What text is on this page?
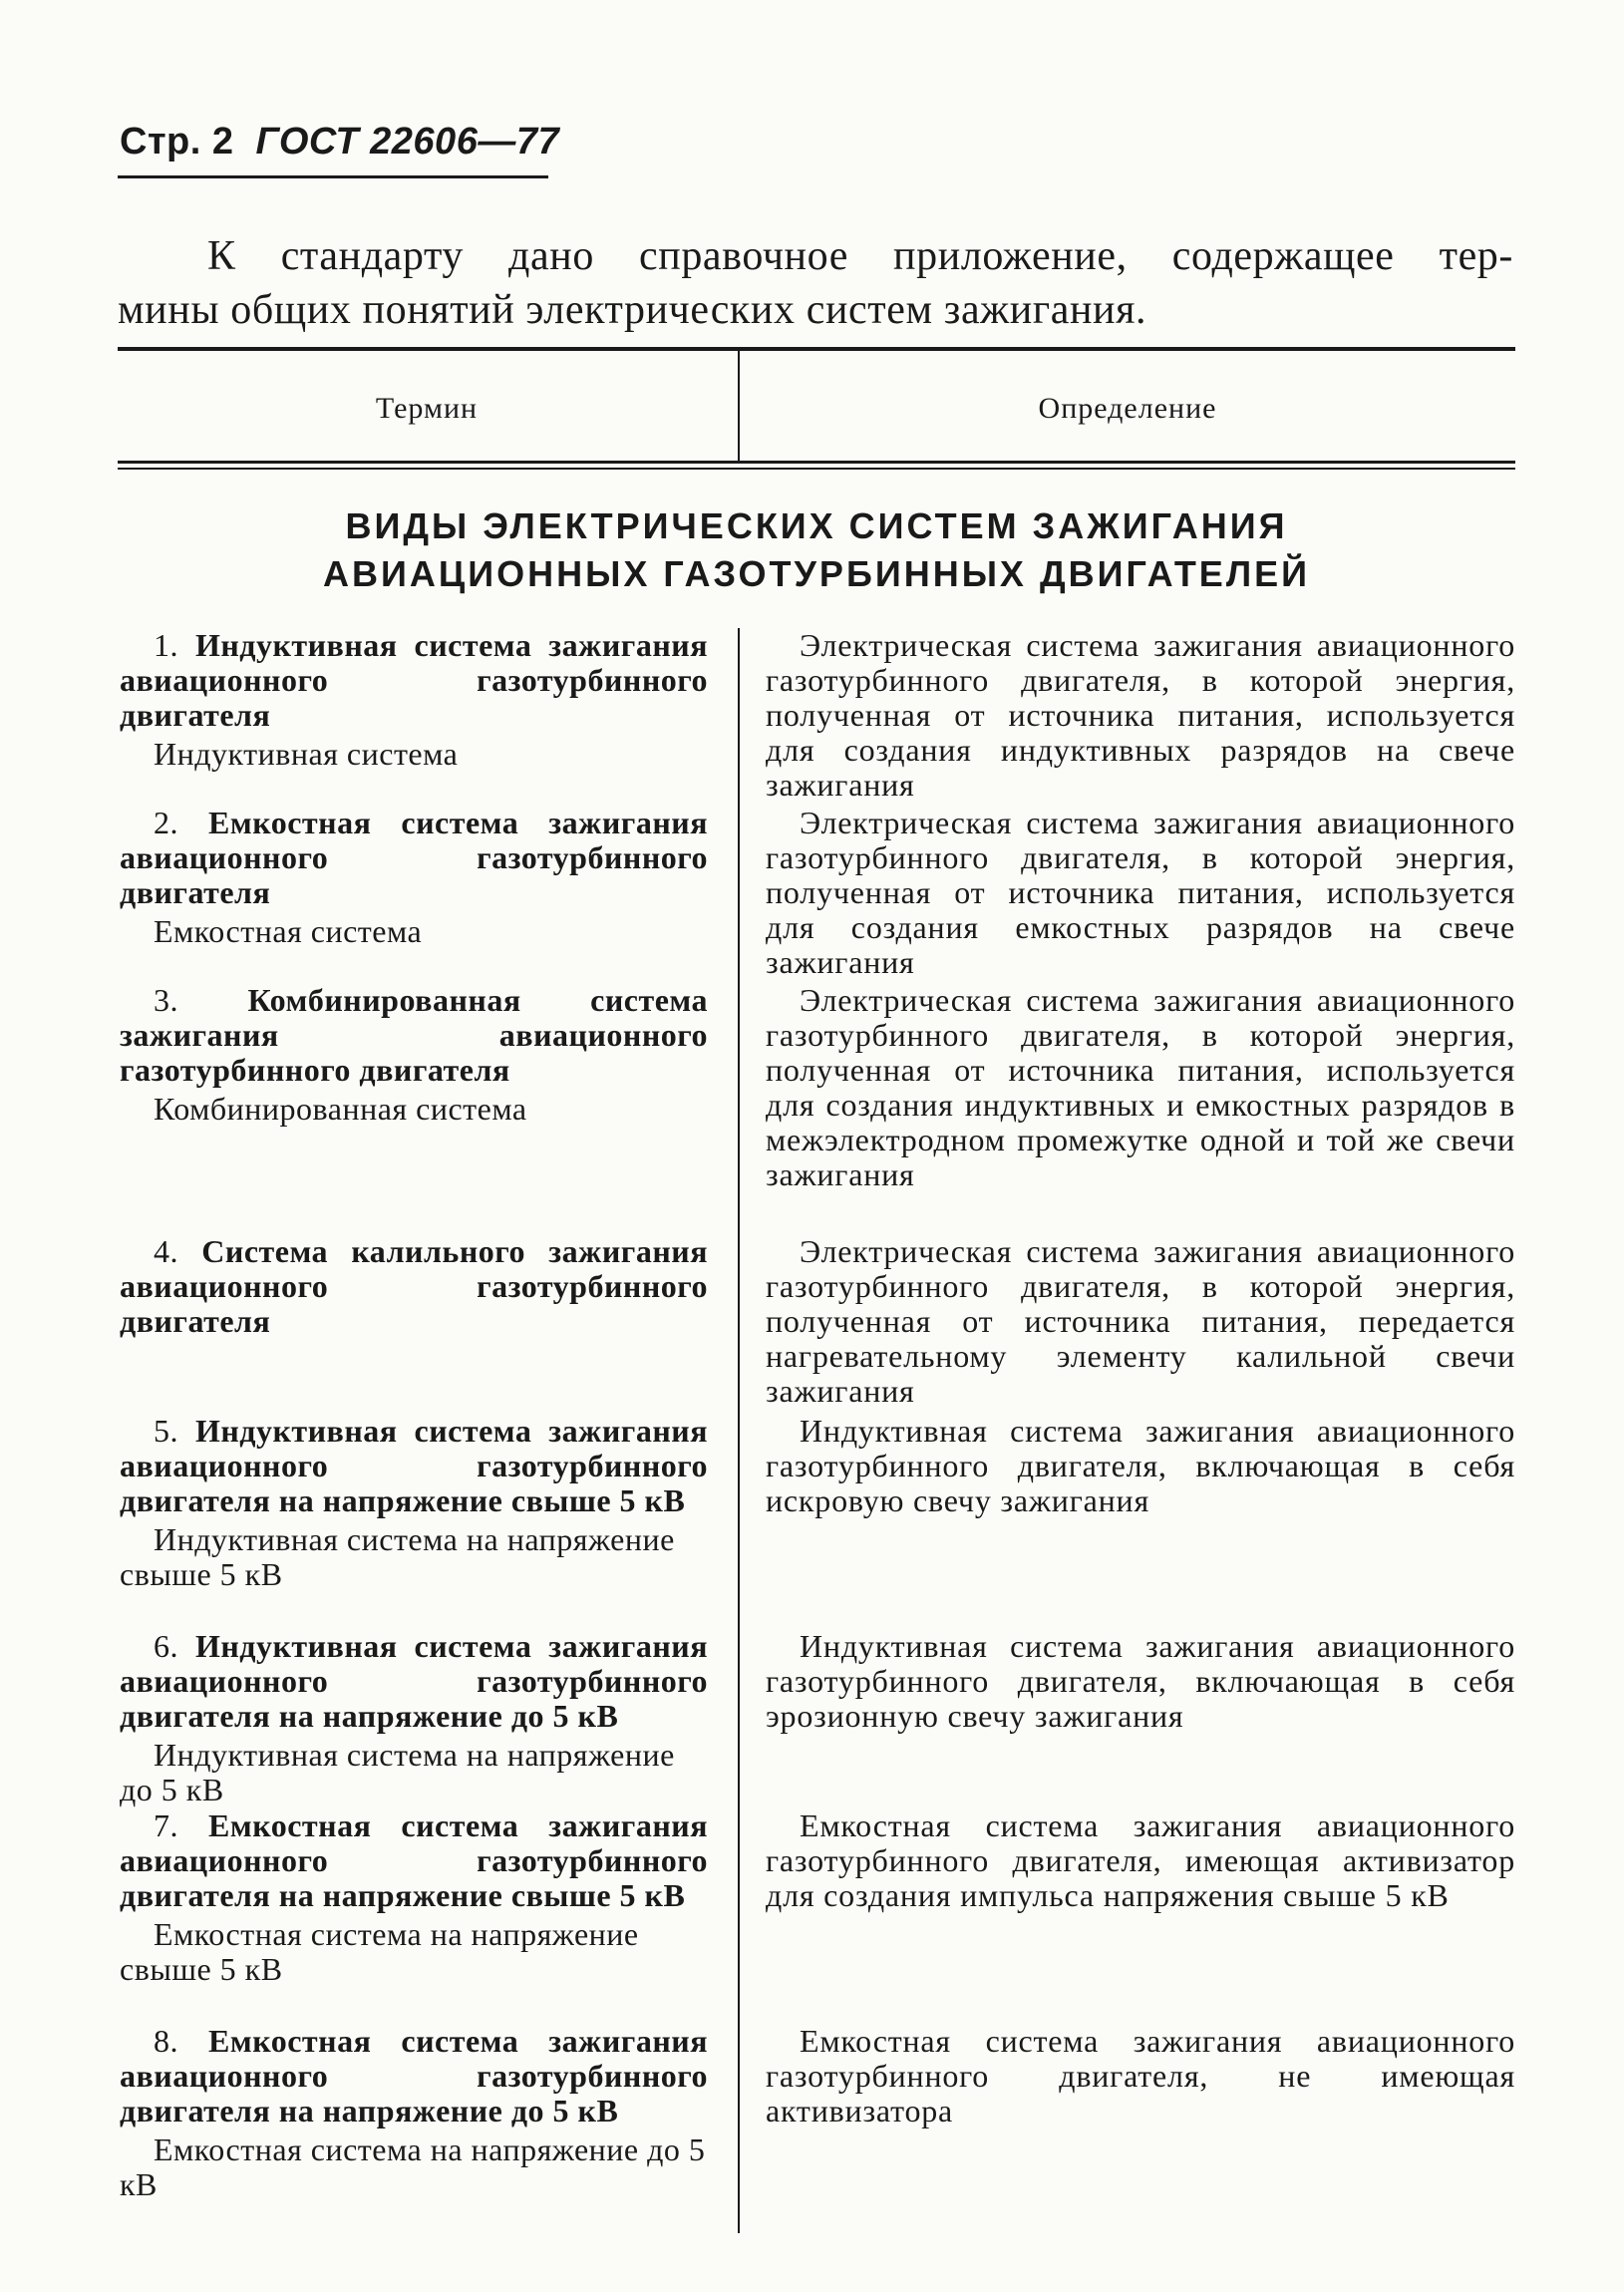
Стр. 2 ГОСТ 22606—77
К стандарту дано справочное приложение, содержащее тер-
мины общих понятий электрических систем зажигания.
Термин	Определение
ВИДЫ ЭЛЕКТРИЧЕСКИХ СИСТЕМ ЗАЖИГАНИЯ
АВИАЦИОННЫХ ГАЗОТУРБИННЫХ ДВИГАТЕЛЕЙ
1. Индуктивная система зажигания авиационного газотурбинного двигателя
Индуктивная система
Электрическая система зажигания авиационного газотурбинного двигателя, в которой энергия, полученная от источника питания, используется для создания индуктивных разрядов на свече зажигания
2. Емкостная система зажигания авиационного газотурбинного двигателя
Емкостная система
Электрическая система зажигания авиационного газотурбинного двигателя, в которой энергия, полученная от источника питания, используется для создания емкостных разрядов на свече зажигания
3. Комбинированная система зажигания авиационного газотурбинного двигателя
Комбинированная система
Электрическая система зажигания авиационного газотурбинного двигателя, в которой энергия, полученная от источника питания, используется для создания индуктивных и емкостных разрядов в межэлектродном промежутке одной и той же свечи зажигания
4. Система калильного зажигания авиационного газотурбинного двигателя
Электрическая система зажигания авиационного газотурбинного двигателя, в которой энергия, полученная от источника питания, передается нагревательному элементу калильной свечи зажигания
5. Индуктивная система зажигания авиационного газотурбинного двигателя на напряжение свыше 5 кВ
Индуктивная система на напряжение свыше 5 кВ
Индуктивная система зажигания авиационного газотурбинного двигателя, включающая в себя искровую свечу зажигания
6. Индуктивная система зажигания авиационного газотурбинного двигателя на напряжение до 5 кВ
Индуктивная система на напряжение до 5 кВ
Индуктивная система зажигания авиационного газотурбинного двигателя, включающая в себя эрозионную свечу зажигания
7. Емкостная система зажигания авиационного газотурбинного двигателя на напряжение свыше 5 кВ
Емкостная система на напряжение свыше 5 кВ
Емкостная система зажигания авиационного газотурбинного двигателя, имеющая активизатор для создания импульса напряжения свыше 5 кВ
8. Емкостная система зажигания авиационного газотурбинного двигателя на напряжение до 5 кВ
Емкостная система на напряжение до 5 кВ
Емкостная система зажигания авиационного газотурбинного двигателя, не имеющая активизатора
